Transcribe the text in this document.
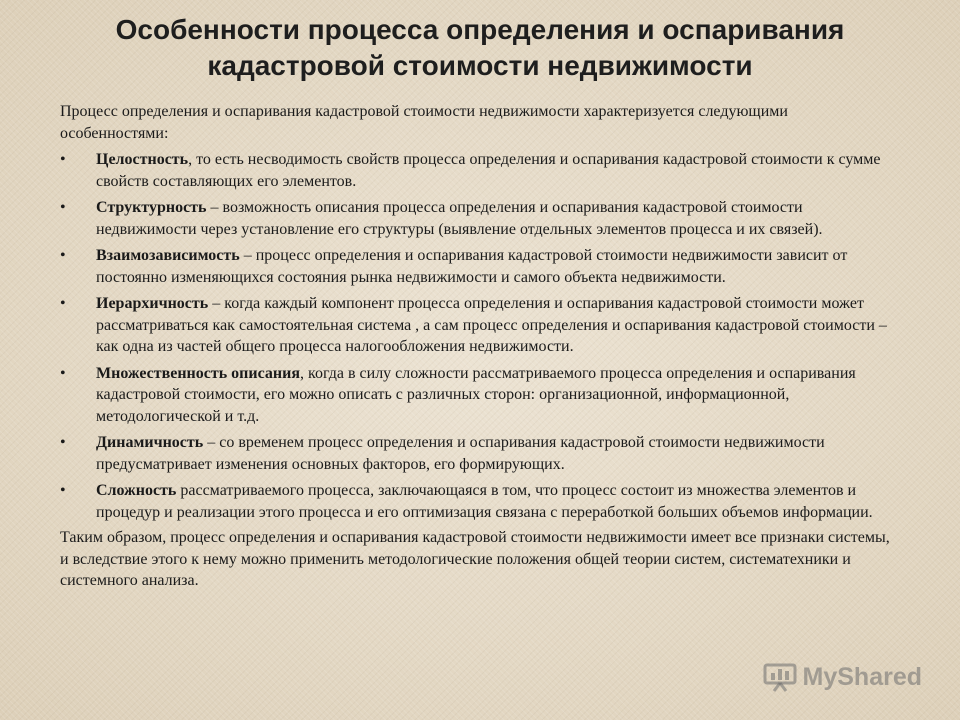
Особенности процесса определения и оспаривания
кадастровой стоимости недвижимости

Процесс определения и оспаривания кадастровой стоимости недвижимости характеризуется следующими особенностями:

• Целостность, то есть несводимость свойств процесса определения и оспаривания кадастровой стоимости к сумме свойств составляющих его элементов.
• Структурность – возможность описания процесса определения и оспаривания кадастровой стоимости недвижимости через установление его структуры (выявление отдельных элементов процесса и их связей).
• Взаимозависимость – процесс определения и оспаривания кадастровой стоимости недвижимости зависит от постоянно изменяющихся состояния рынка недвижимости и самого объекта недвижимости.
• Иерархичность – когда каждый компонент процесса определения и оспаривания кадастровой стоимости может рассматриваться как самостоятельная система , а сам процесс определения и оспаривания кадастровой стоимости – как одна из частей общего процесса налогообложения недвижимости.
• Множественность описания, когда в силу сложности рассматриваемого процесса определения и оспаривания кадастровой стоимости, его можно описать с различных сторон: организационной, информационной, методологической и т.д.
• Динамичность – со временем процесс определения и оспаривания кадастровой стоимости недвижимости предусматривает изменения основных факторов, его формирующих.
• Сложность рассматриваемого процесса, заключающаяся в том, что процесс состоит из множества элементов и процедур и реализации этого процесса и его оптимизация связана с переработкой больших объемов информации.

Таким образом, процесс определения и оспаривания кадастровой стоимости недвижимости имеет все признаки системы, и вследствие этого к нему можно применить методологические положения общей теории систем, систематехники и системного анализа.

MyShared
